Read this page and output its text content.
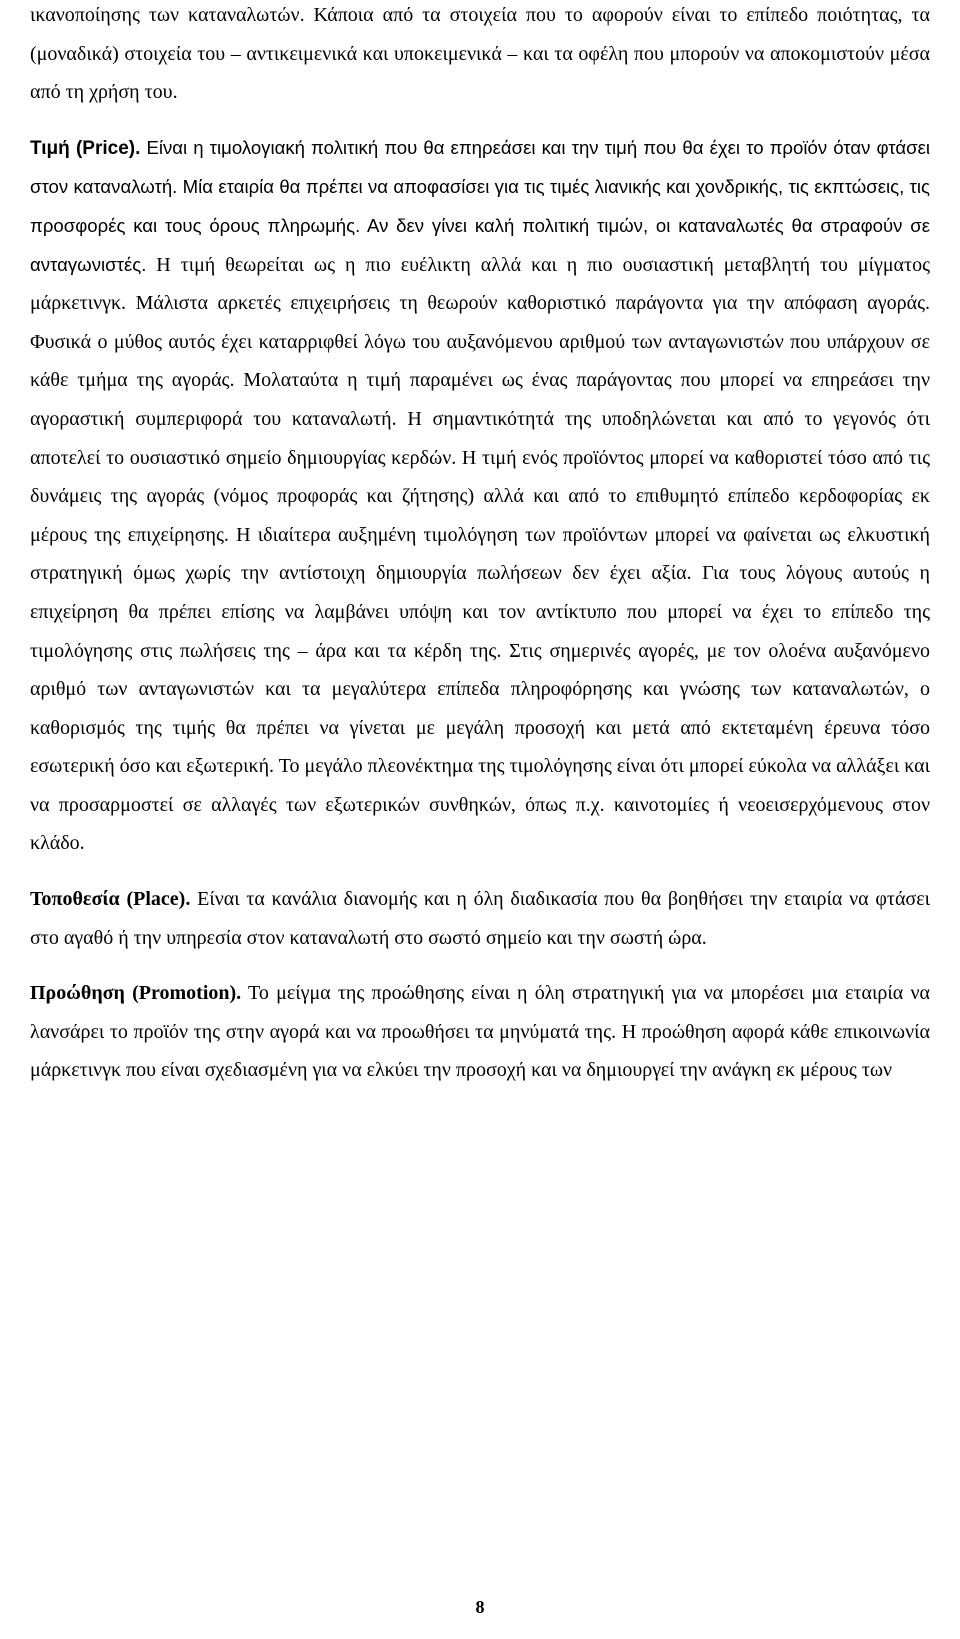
ικανοποίησης των καταναλωτών. Κάποια από τα στοιχεία που το αφορούν είναι το επίπεδο ποιότητας, τα (μοναδικά) στοιχεία του – αντικειμενικά και υποκειμενικά – και τα οφέλη που μπορούν να αποκομιστούν μέσα από τη χρήση του.

Τιμή (Price). Είναι η τιμολογιακή πολιτική που θα επηρεάσει και την τιμή που θα έχει το προϊόν όταν φτάσει στον καταναλωτή. Μία εταιρία θα πρέπει να αποφασίσει για τις τιμές λιανικής και χονδρικής, τις εκπτώσεις, τις προσφορές και τους όρους πληρωμής. Αν δεν γίνει καλή πολιτική τιμών, οι καταναλωτές θα στραφούν σε ανταγωνιστές. Η τιμή θεωρείται ως η πιο ευέλικτη αλλά και η πιο ουσιαστική μεταβλητή του μίγματος μάρκετινγκ. Μάλιστα αρκετές επιχειρήσεις τη θεωρούν καθοριστικό παράγοντα για την απόφαση αγοράς. Φυσικά ο μύθος αυτός έχει καταρριφθεί λόγω του αυξανόμενου αριθμού των ανταγωνιστών που υπάρχουν σε κάθε τμήμα της αγοράς. Μολαταύτα η τιμή παραμένει ως ένας παράγοντας που μπορεί να επηρεάσει την αγοραστική συμπεριφορά του καταναλωτή. Η σημαντικότητά της υποδηλώνεται και από το γεγονός ότι αποτελεί το ουσιαστικό σημείο δημιουργίας κερδών. Η τιμή ενός προϊόντος μπορεί να καθοριστεί τόσο από τις δυνάμεις της αγοράς (νόμος προφοράς και ζήτησης) αλλά και από το επιθυμητό επίπεδο κερδοφορίας εκ μέρους της επιχείρησης. Η ιδιαίτερα αυξημένη τιμολόγηση των προϊόντων μπορεί να φαίνεται ως ελκυστική στρατηγική όμως χωρίς την αντίστοιχη δημιουργία πωλήσεων δεν έχει αξία. Για τους λόγους αυτούς η επιχείρηση θα πρέπει επίσης να λαμβάνει υπόψη και τον αντίκτυπο που μπορεί να έχει το επίπεδο της τιμολόγησης στις πωλήσεις της – άρα και τα κέρδη της. Στις σημερινές αγορές, με τον ολοένα αυξανόμενο αριθμό των ανταγωνιστών και τα μεγαλύτερα επίπεδα πληροφόρησης και γνώσης των καταναλωτών, ο καθορισμός της τιμής θα πρέπει να γίνεται με μεγάλη προσοχή και μετά από εκτεταμένη έρευνα τόσο εσωτερική όσο και εξωτερική. Το μεγάλο πλεονέκτημα της τιμολόγησης είναι ότι μπορεί εύκολα να αλλάξει και να προσαρμοστεί σε αλλαγές των εξωτερικών συνθηκών, όπως π.χ. καινοτομίες ή νεοεισερχόμενους στον κλάδο.

Τοποθεσία (Place). Είναι τα κανάλια διανομής και η όλη διαδικασία που θα βοηθήσει την εταιρία να φτάσει στο αγαθό ή την υπηρεσία στον καταναλωτή στο σωστό σημείο και την σωστή ώρα.

Προώθηση (Promotion). Το μείγμα της προώθησης είναι η όλη στρατηγική για να μπορέσει μια εταιρία να λανσάρει το προϊόν της στην αγορά και να προωθήσει τα μηνύματά της. Η προώθηση αφορά κάθε επικοινωνία μάρκετινγκ που είναι σχεδιασμένη για να ελκύει την προσοχή και να δημιουργεί την ανάγκη εκ μέρους των

8
